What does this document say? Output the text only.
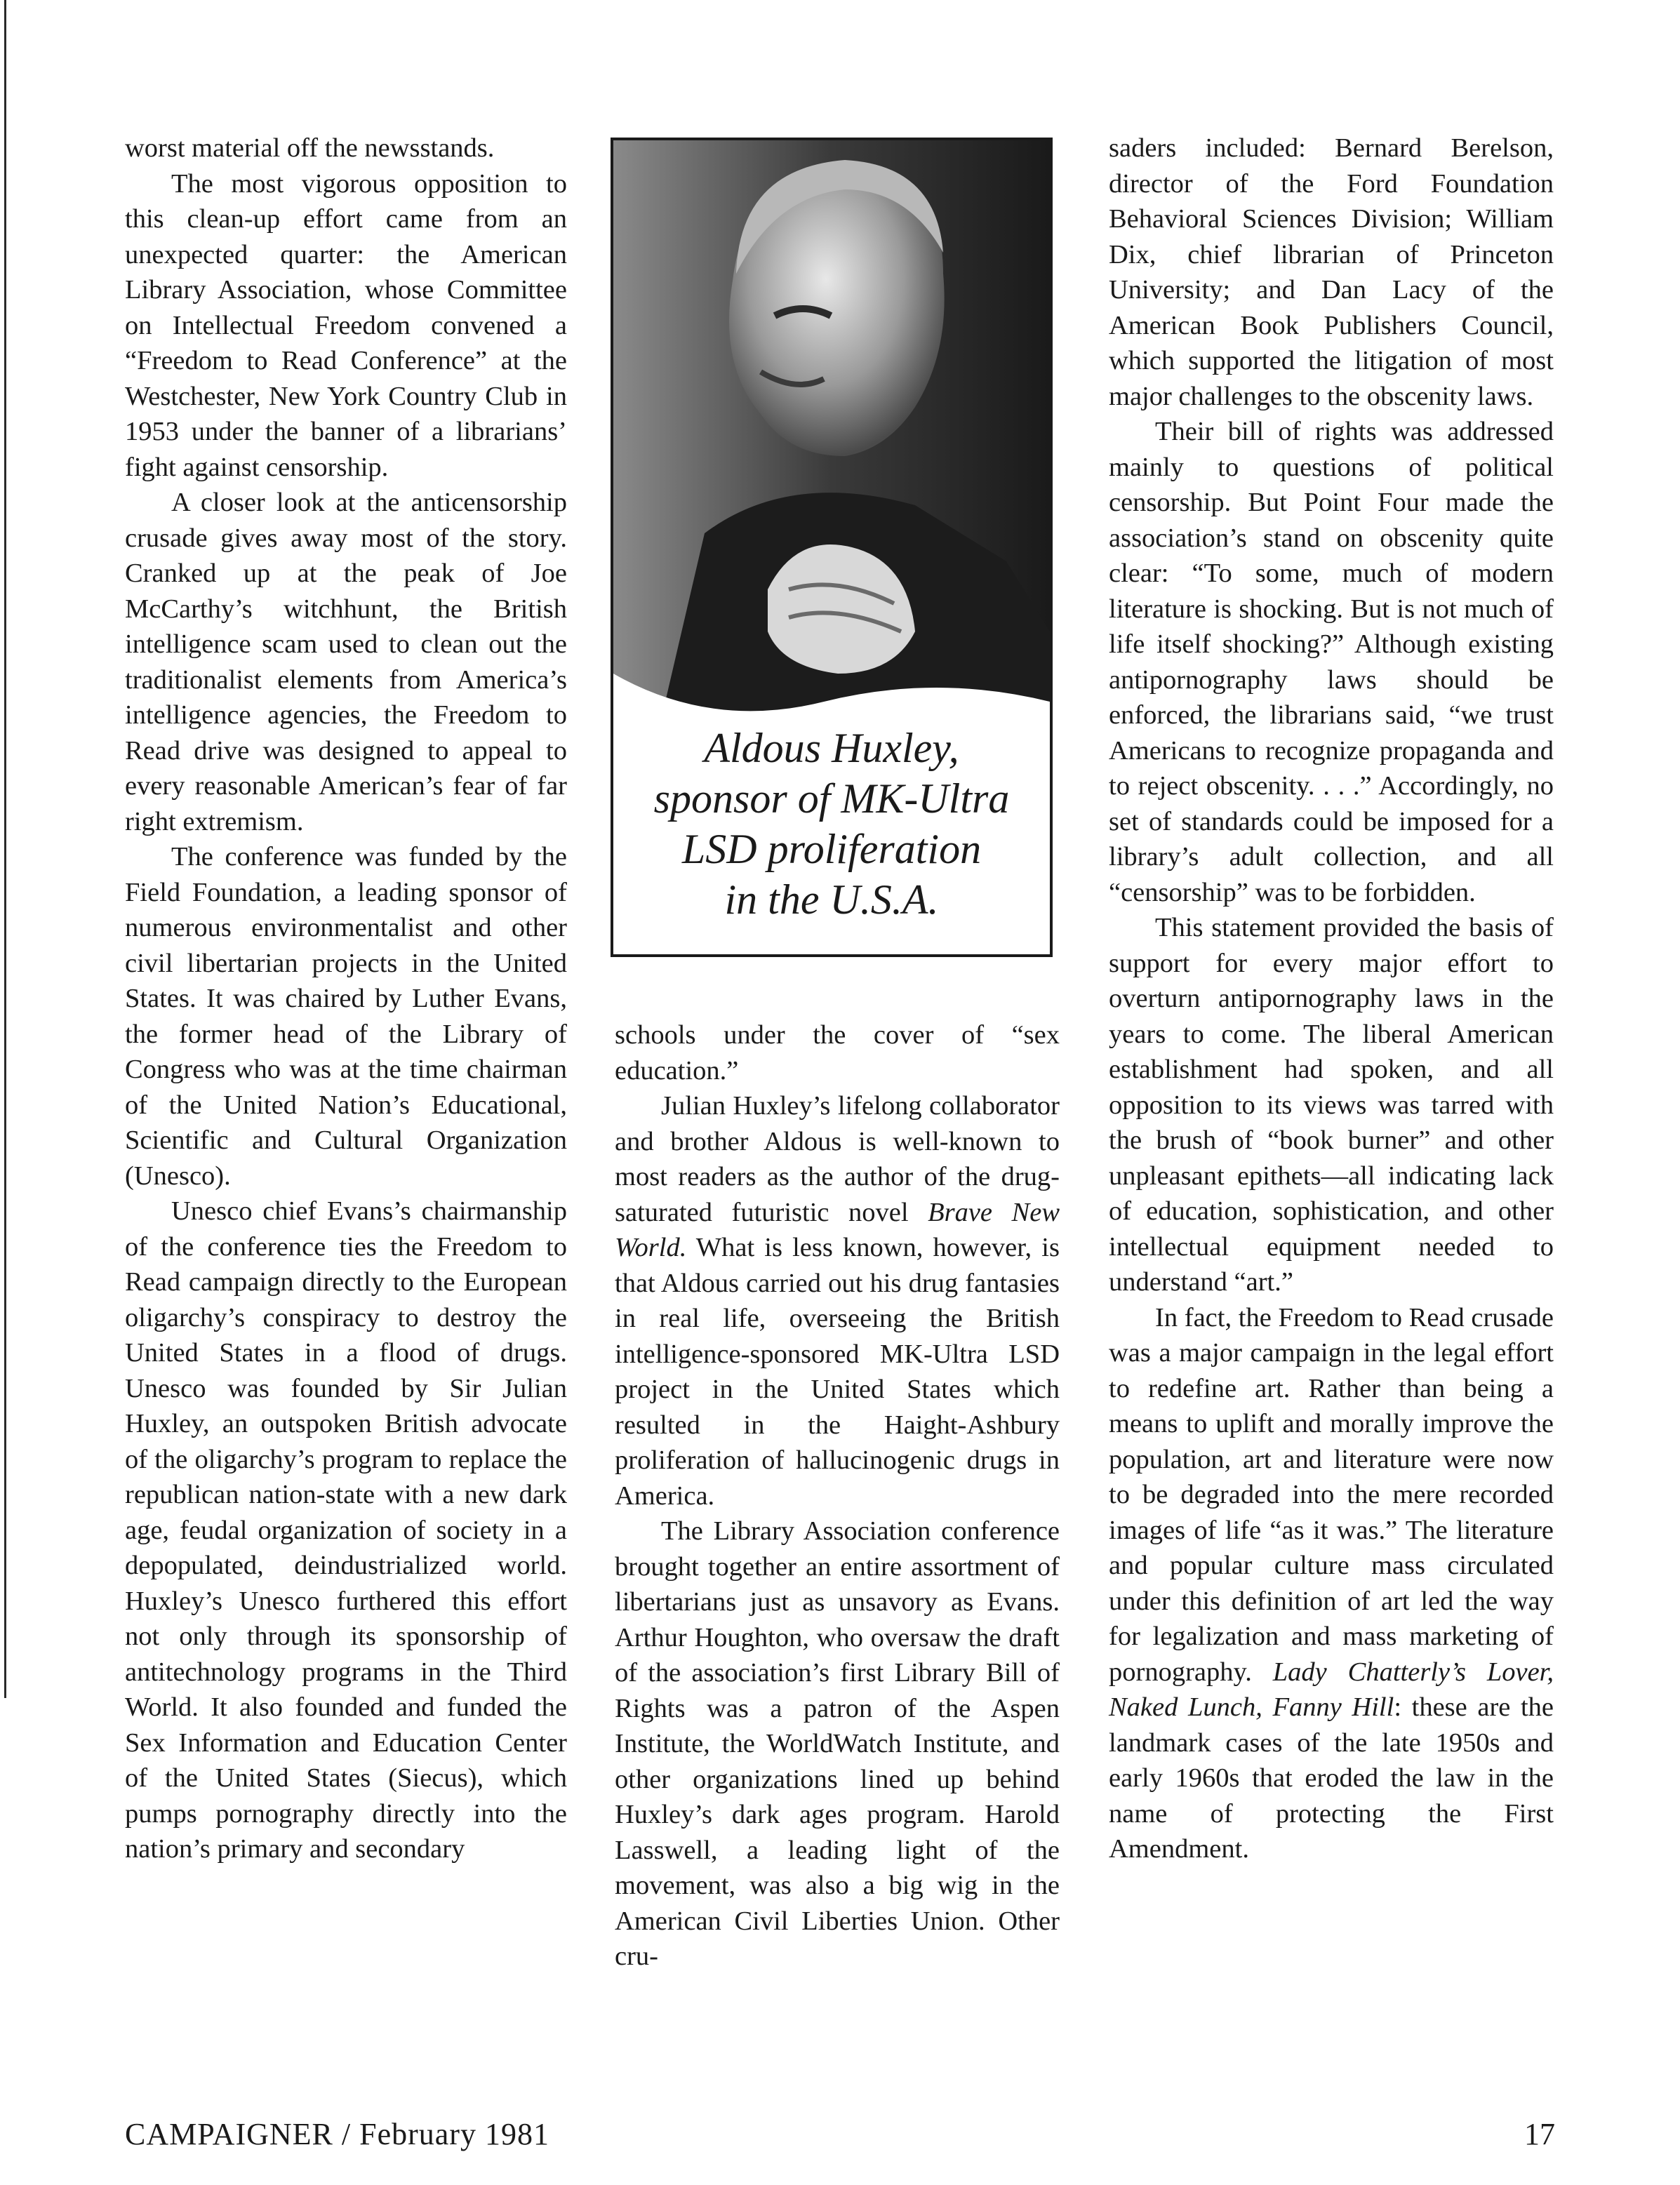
worst material off the newsstands.

The most vigorous opposition to this clean-up effort came from an unexpected quarter: the American Library Association, whose Committee on Intellectual Freedom convened a “Freedom to Read Conference” at the Westchester, New York Country Club in 1953 under the banner of a librarians’ fight against censorship.

A closer look at the anticensorship crusade gives away most of the story. Cranked up at the peak of Joe McCarthy’s witchhunt, the British intelligence scam used to clean out the traditionalist elements from America’s intelligence agencies, the Freedom to Read drive was designed to appeal to every reasonable American’s fear of far right extremism.

The conference was funded by the Field Foundation, a leading sponsor of numerous environmentalist and other civil libertarian projects in the United States. It was chaired by Luther Evans, the former head of the Library of Congress who was at the time chairman of the United Nation’s Educational, Scientific and Cultural Organization (Unesco).

Unesco chief Evans’s chairmanship of the conference ties the Freedom to Read campaign directly to the European oligarchy’s conspiracy to destroy the United States in a flood of drugs. Unesco was founded by Sir Julian Huxley, an outspoken British advocate of the oligarchy’s program to replace the republican nation-state with a new dark age, feudal organization of society in a depopulated, deindustrialized world. Huxley’s Unesco furthered this effort not only through its sponsorship of antitechnology programs in the Third World. It also founded and funded the Sex Information and Education Center of the United States (Siecus), which pumps pornography directly into the nation’s primary and secondary

Aldous Huxley,
sponsor of MK-Ultra
LSD proliferation
in the U.S.A.

schools under the cover of “sex education.”

Julian Huxley’s lifelong collaborator and brother Aldous is well-known to most readers as the author of the drug-saturated futuristic novel Brave New World. What is less known, however, is that Aldous carried out his drug fantasies in real life, overseeing the British intelligence-sponsored MK-Ultra LSD project in the United States which resulted in the Haight-Ashbury proliferation of hallucinogenic drugs in America.

The Library Association conference brought together an entire assortment of libertarians just as unsavory as Evans. Arthur Houghton, who oversaw the draft of the association’s first Library Bill of Rights was a patron of the Aspen Institute, the WorldWatch Institute, and other organizations lined up behind Huxley’s dark ages program. Harold Lasswell, a leading light of the movement, was also a big wig in the American Civil Liberties Union. Other cru-

saders included: Bernard Berelson, director of the Ford Foundation Behavioral Sciences Division; William Dix, chief librarian of Princeton University; and Dan Lacy of the American Book Publishers Council, which supported the litigation of most major challenges to the obscenity laws.

Their bill of rights was addressed mainly to questions of political censorship. But Point Four made the association’s stand on obscenity quite clear: “To some, much of modern literature is shocking. But is not much of life itself shocking?” Although existing antipornography laws should be enforced, the librarians said, “we trust Americans to recognize propaganda and to reject obscenity. . . .” Accordingly, no set of standards could be imposed for a library’s adult collection, and all “censorship” was to be forbidden.

This statement provided the basis of support for every major effort to overturn antipornography laws in the years to come. The liberal American establishment had spoken, and all opposition to its views was tarred with the brush of “book burner” and other unpleasant epithets—all indicating lack of education, sophistication, and other intellectual equipment needed to understand “art.”

In fact, the Freedom to Read crusade was a major campaign in the legal effort to redefine art. Rather than being a means to uplift and morally improve the population, art and literature were now to be degraded into the mere recorded images of life “as it was.” The literature and popular culture mass circulated under this definition of art led the way for legalization and mass marketing of pornography. Lady Chatterly’s Lover, Naked Lunch, Fanny Hill: these are the landmark cases of the late 1950s and early 1960s that eroded the law in the name of protecting the First Amendment.

CAMPAIGNER / February 1981	17
